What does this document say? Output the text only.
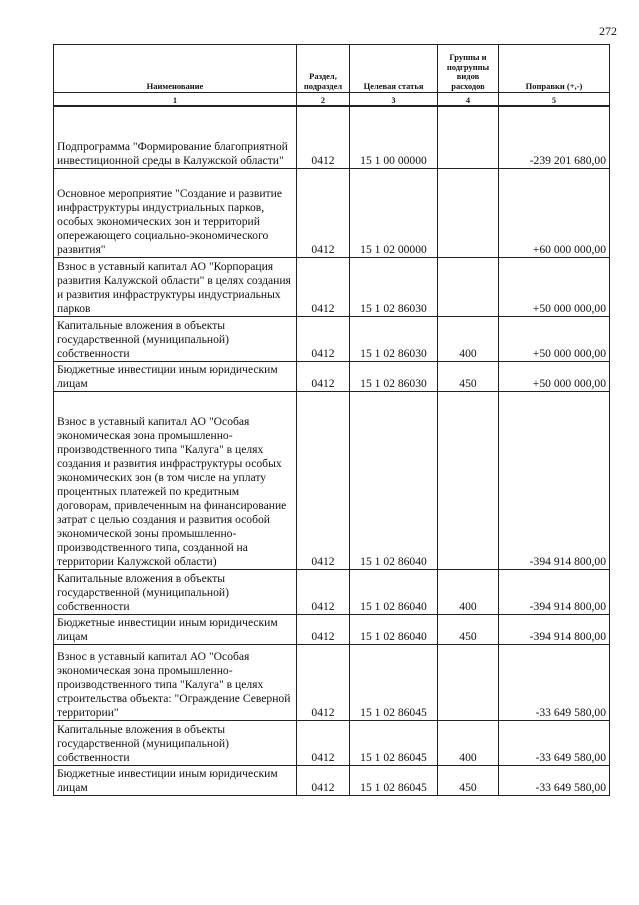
272
Наименование	Раздел, подраздел	Целевая статья	Группы и подгруппы видов расходов	Поправки (+,-)
1	2	3	4	5
Подпрограмма "Формирование благоприятной инвестиционной среды в Калужской области"	0412	15 1 00 00000		-239 201 680,00
Основное мероприятие "Создание и развитие инфраструктуры индустриальных парков, особых экономических зон и территорий опережающего социально-экономического развития"	0412	15 1 02 00000		+60 000 000,00
Взнос в уставный капитал АО "Корпорация развития Калужской области" в целях создания и развития инфраструктуры индустриальных парков	0412	15 1 02 86030		+50 000 000,00
Капитальные вложения в объекты государственной (муниципальной) собственности	0412	15 1 02 86030	400	+50 000 000,00
Бюджетные инвестиции иным юридическим лицам	0412	15 1 02 86030	450	+50 000 000,00
Взнос в уставный капитал АО "Особая экономическая зона промышленно-производственного типа "Калуга" в целях создания и развития инфраструктуры особых экономических зон (в том числе на уплату процентных платежей по кредитным договорам, привлеченным на финансирование затрат с целью создания и развития особой экономической зоны промышленно-производственного типа, созданной на территории Калужской области)	0412	15 1 02 86040		-394 914 800,00
Капитальные вложения в объекты государственной (муниципальной) собственности	0412	15 1 02 86040	400	-394 914 800,00
Бюджетные инвестиции иным юридическим лицам	0412	15 1 02 86040	450	-394 914 800,00
Взнос в уставный капитал АО "Особая экономическая зона промышленно-производственного типа "Калуга" в целях строительства объекта: "Ограждение Северной территории"	0412	15 1 02 86045		-33 649 580,00
Капитальные вложения в объекты государственной (муниципальной) собственности	0412	15 1 02 86045	400	-33 649 580,00
Бюджетные инвестиции иным юридическим лицам	0412	15 1 02 86045	450	-33 649 580,00
